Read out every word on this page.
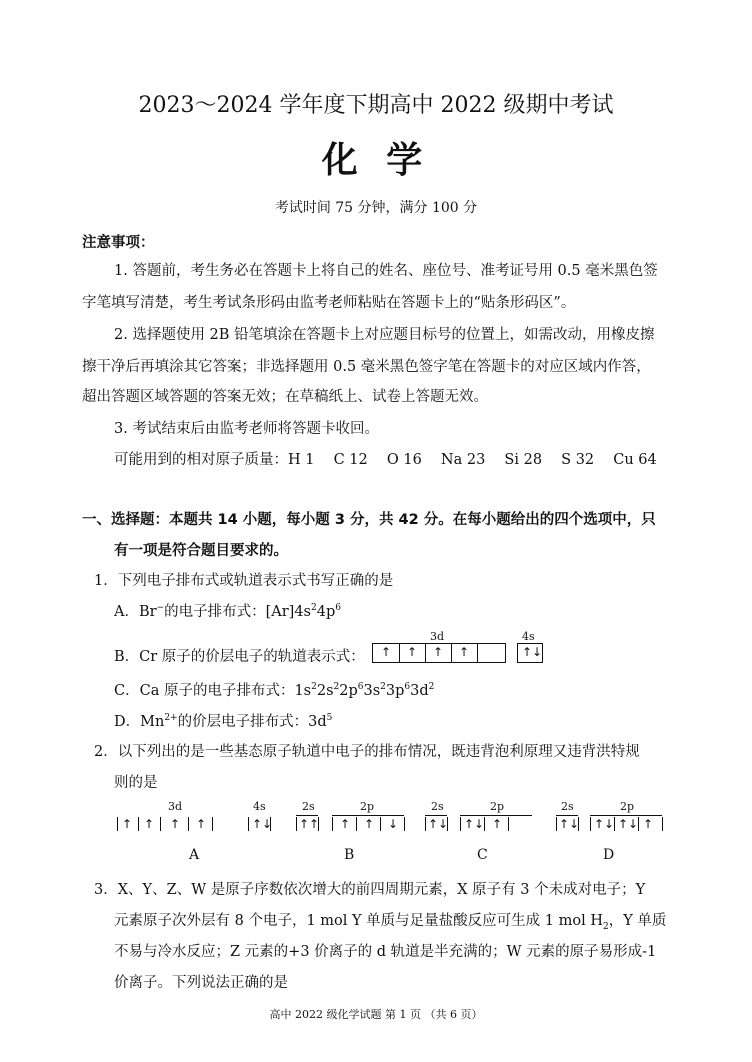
2023～2024 学年度下期高中 2022 级期中考试
化 学
考试时间 75 分钟，满分 100 分
注意事项：
1. 答题前，考生务必在答题卡上将自己的姓名、座位号、准考证号用 0.5 毫米黑色签
字笔填写清楚，考生考试条形码由监考老师粘贴在答题卡上的“贴条形码区”。
2. 选择题使用 2B 铅笔填涂在答题卡上对应题目标号的位置上，如需改动，用橡皮擦
擦干净后再填涂其它答案；非选择题用 0.5 毫米黑色签字笔在答题卡的对应区域内作答，
超出答题区域答题的答案无效；在草稿纸上、试卷上答题无效。
3. 考试结束后由监考老师将答题卡收回。
可能用到的相对原子质量：H 1　 C 12　 O 16　 Na 23　 Si 28　 S 32　 Cu 64
一、选择题：本题共 14 小题，每小题 3 分，共 42 分。在每小题给出的四个选项中，只
有一项是符合题目要求的。
1．下列电子排布式或轨道表示式书写正确的是
A．Br−的电子排布式：$[Ar]4s^24p^6$
B．Cr 原子的价层电子的轨道表示式：
3d	4s
↑ ↑ ↑ ↑	↑↓
C．Ca 原子的电子排布式：$1s^22s^22p^63s^23p^63d^2$
D．$Mn^{2+}$的价层电子排布式：$3d^5$
2．以下列出的是一些基态原子轨道中电子的排布情况，既违背泡利原理又违背洪特规
则的是
3d	4s
↑ ↑ ↑ ↑	↑↓
2s	2p
↑↑ ↑ ↑ ↓
2s	2p
↑↓ ↑↓ ↑
2s	2p
↑↓ ↑↓ ↑↓ ↑
A	B	C	D
3．X、Y、Z、W 是原子序数依次增大的前四周期元素，X 原子有 3 个未成对电子；Y
元素原子次外层有 8 个电子，1 mol Y 单质与足量盐酸反应可生成 1 mol $H_2$，Y 单质
不易与冷水反应；Z 元素的+3 价离子的 d 轨道是半充满的；W 元素的原子易形成-1
价离子。下列说法正确的是
高中 2022 级化学试题 第 1 页 （共 6 页）
